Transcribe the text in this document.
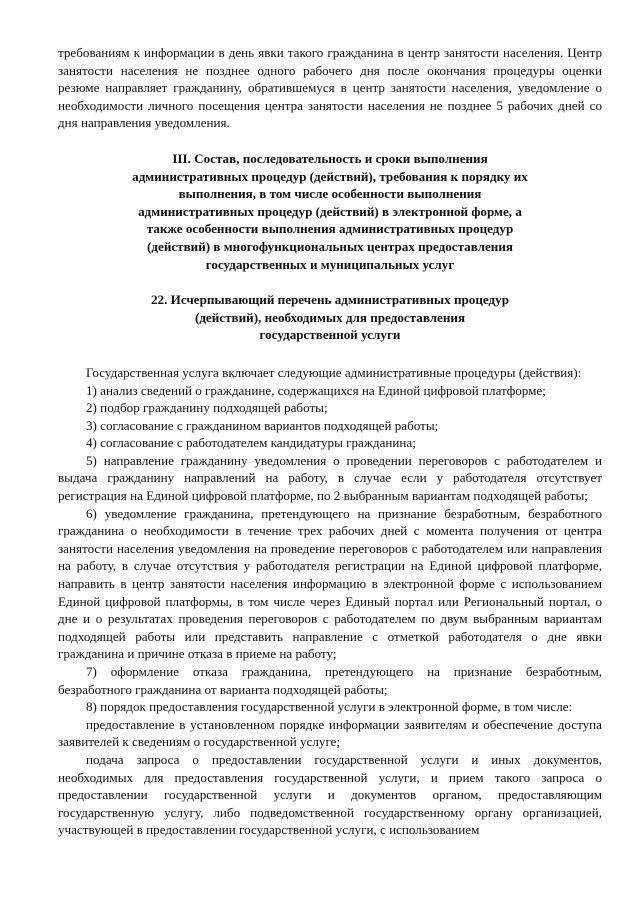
требованиям к информации в день явки такого гражданина в центр занятости населения. Центр занятости населения не позднее одного рабочего дня после окончания процедуры оценки резюме направляет гражданину, обратившемуся в центр занятости населения, уведомление о необходимости личного посещения центра занятости населения не позднее 5 рабочих дней со дня направления уведомления.

III. Состав, последовательность и сроки выполнения административных процедур (действий), требования к порядку их выполнения, в том числе особенности выполнения административных процедур (действий) в электронной форме, а также особенности выполнения административных процедур (действий) в многофункциональных центрах предоставления государственных и муниципальных услуг
22. Исчерпывающий перечень административных процедур (действий), необходимых для предоставления государственной услуги

Государственная услуга включает следующие административные процедуры (действия):

1) анализ сведений о гражданине, содержащихся на Единой цифровой платформе;

2) подбор гражданину подходящей работы;

3) согласование с гражданином вариантов подходящей работы;

4) согласование с работодателем кандидатуры гражданина;

5) направление гражданину уведомления о проведении переговоров с работодателем и выдача гражданину направлений на работу, в случае если у работодателя отсутствует регистрация на Единой цифровой платформе, по 2 выбранным вариантам подходящей работы;

6) уведомление гражданина, претендующего на признание безработным, безработного гражданина о необходимости в течение трех рабочих дней с момента получения от центра занятости населения уведомления на проведение переговоров с работодателем или направления на работу, в случае отсутствия у работодателя регистрации на Единой цифровой платформе, направить в центр занятости населения информацию в электронной форме с использованием Единой цифровой платформы, в том числе через Единый портал или Региональный портал, о дне и о результатах проведения переговоров с работодателем по двум выбранным вариантам подходящей работы или представить направление с отметкой работодателя о дне явки гражданина и причине отказа в приеме на работу;

7) оформление отказа гражданина, претендующего на признание безработным, безработного гражданина от варианта подходящей работы;

8) порядок предоставления государственной услуги в электронной форме, в том числе:

предоставление в установленном порядке информации заявителям и обеспечение доступа заявителей к сведениям о государственной услуге;

подача запроса о предоставлении государственной услуги и иных документов, необходимых для предоставления государственной услуги, и прием такого запроса о предоставлении государственной услуги и документов органом, предоставляющим государственную услугу, либо подведомственной государственному органу организацией, участвующей в предоставлении государственной услуги, с использованием
